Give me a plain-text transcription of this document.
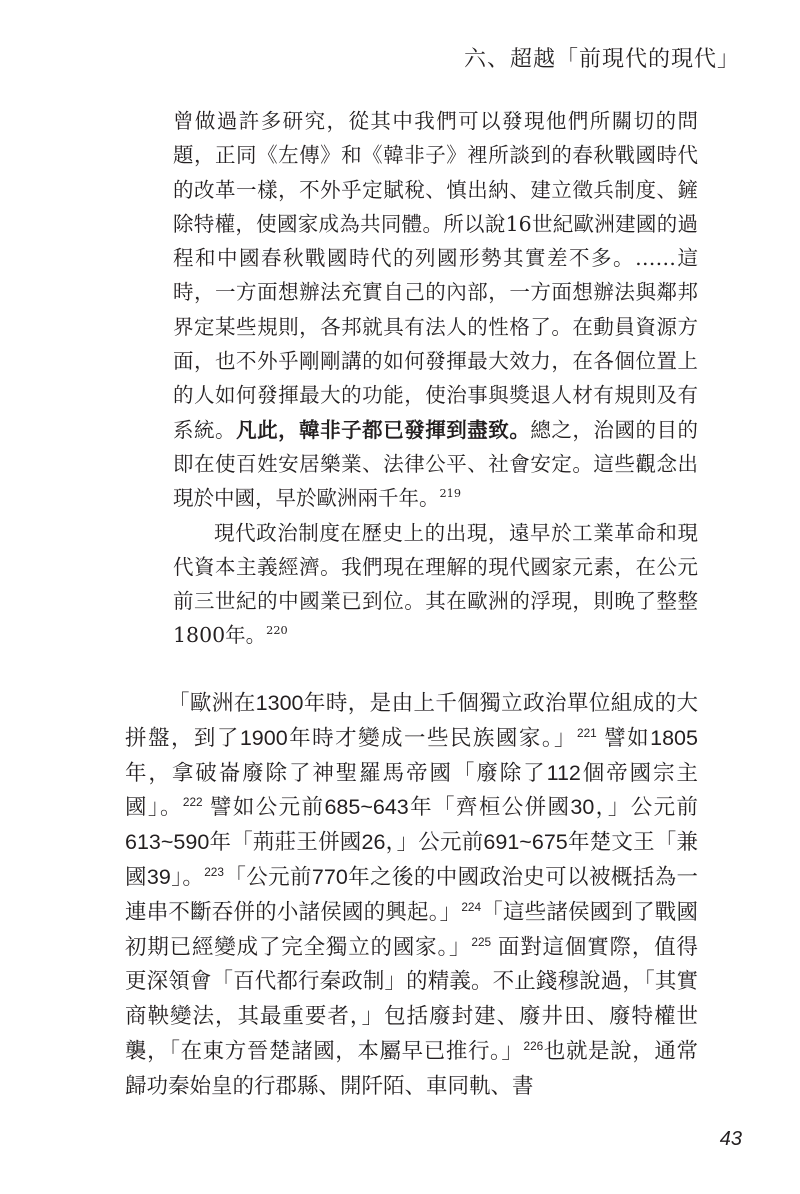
六、超越「前現代的現代」

曾做過許多研究，從其中我們可以發現他們所關切的問題，正同《左傳》和《韓非子》裡所談到的春秋戰國時代的改革一樣，不外乎定賦稅、慎出納、建立徵兵制度、鏟除特權，使國家成為共同體。所以說16世紀歐洲建國的過程和中國春秋戰國時代的列國形勢其實差不多。……這時，一方面想辦法充實自己的內部，一方面想辦法與鄰邦界定某些規則，各邦就具有法人的性格了。在動員資源方面，也不外乎剛剛講的如何發揮最大效力，在各個位置上的人如何發揮最大的功能，使治事與獎退人材有規則及有系統。凡此，韓非子都已發揮到盡致。總之，治國的目的即在使百姓安居樂業、法律公平、社會安定。這些觀念出現於中國，早於歐洲兩千年。$^{219}$

現代政治制度在歷史上的出現，遠早於工業革命和現代資本主義經濟。我們現在理解的現代國家元素，在公元前三世紀的中國業已到位。其在歐洲的浮現，則晚了整整1800年。$^{220}$

「歐洲在1300年時，是由上千個獨立政治單位組成的大拼盤，到了1900年時才變成一些民族國家。」$^{221}$ 譬如1805年，拿破崙廢除了神聖羅馬帝國「廢除了112個帝國宗主國」。$^{222}$ 譬如公元前685~643年「齊桓公併國30，」公元前613~590年「荊莊王併國26，」公元前691~675年楚文王「兼國39」。$^{223}$「公元前770年之後的中國政治史可以被概括為一連串不斷吞併的小諸侯國的興起。」$^{224}$「這些諸侯國到了戰國初期已經變成了完全獨立的國家。」$^{225}$ 面對這個實際，值得更深領會「百代都行秦政制」的精義。不止錢穆說過，「其實商鞅變法，其最重要者，」包括廢封建、廢井田、廢特權世襲，「在東方晉楚諸國，本屬早已推行。」$^{226}$也就是說，通常歸功秦始皇的行郡縣、開阡陌、車同軌、書

43
